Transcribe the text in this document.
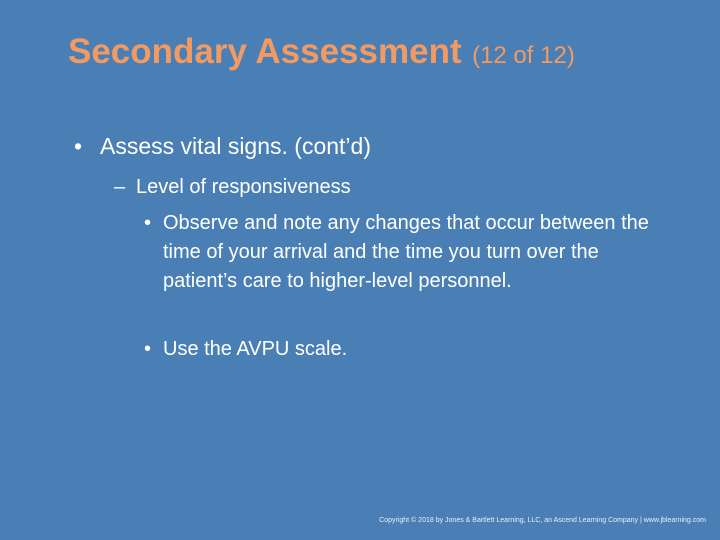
Secondary Assessment (12 of 12)
• Assess vital signs. (cont’d)
– Level of responsiveness
• Observe and note any changes that occur between the time of your arrival and the time you turn over the patient’s care to higher-level personnel.
• Use the AVPU scale.
Copyright © 2018 by Jones & Bartlett Learning, LLC, an Ascend Learning Company | www.jblearning.com
